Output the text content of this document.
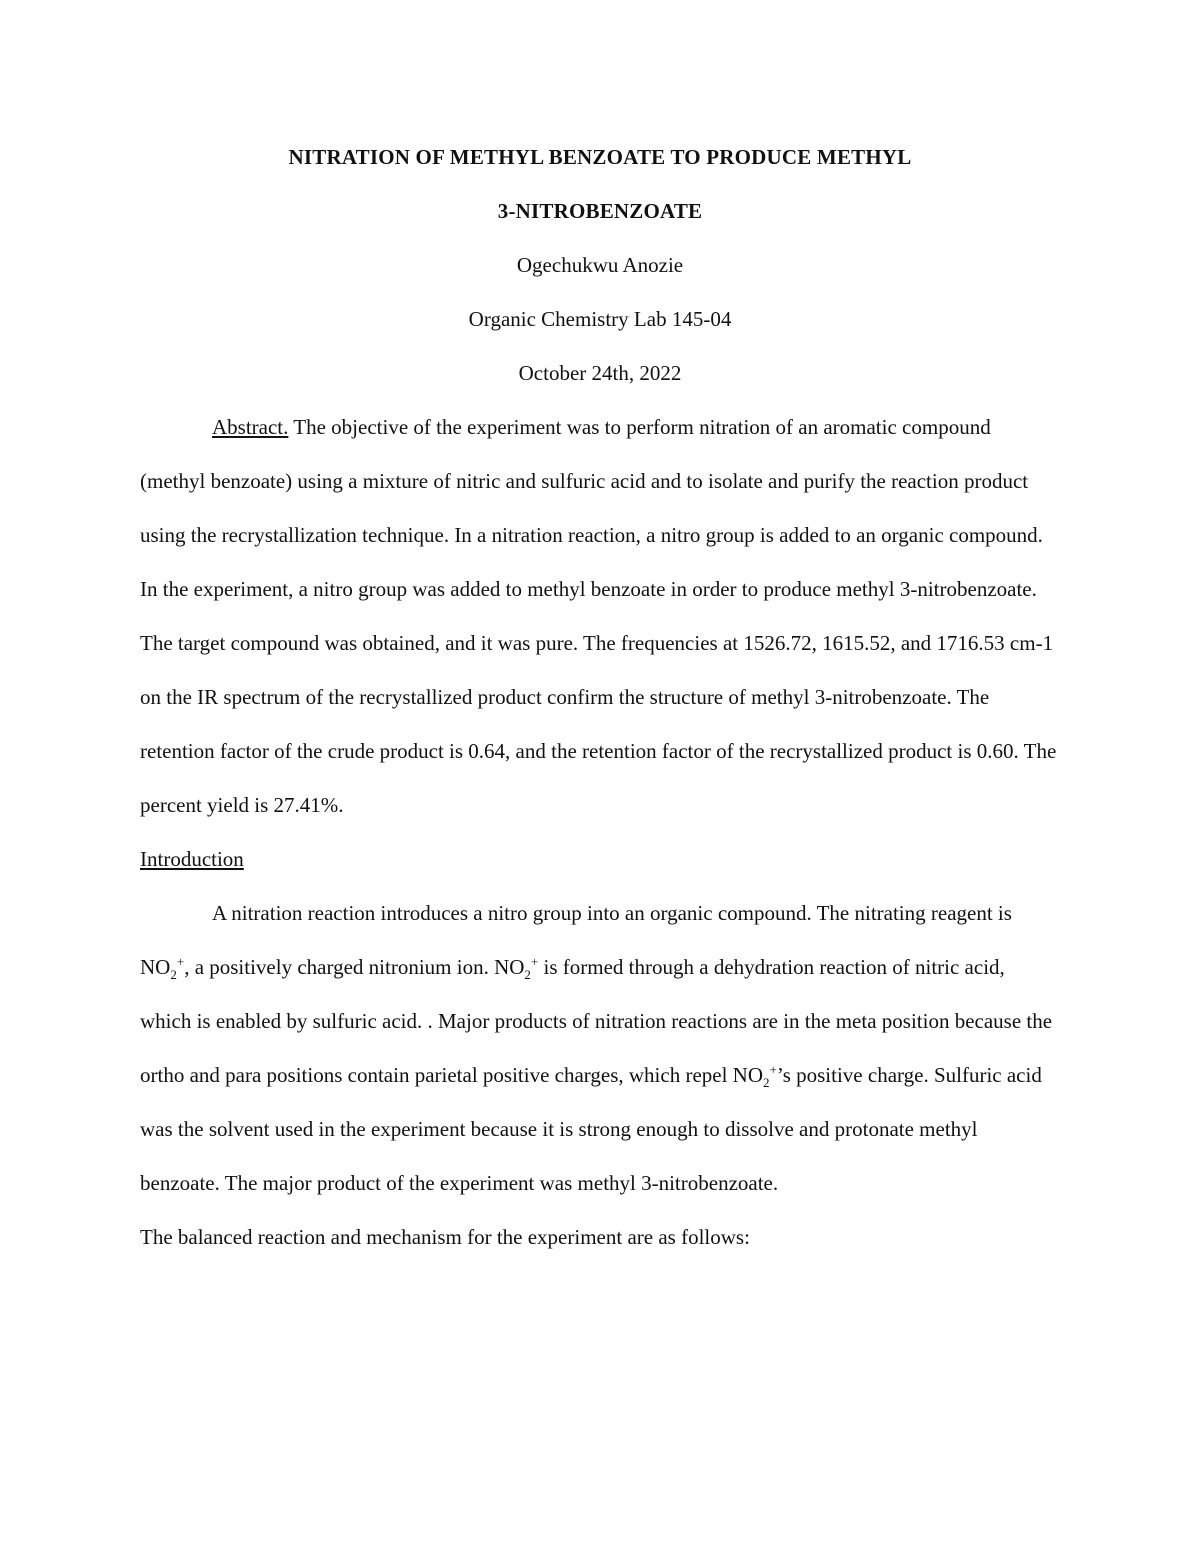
NITRATION OF METHYL BENZOATE TO PRODUCE METHYL

3-NITROBENZOATE

Ogechukwu Anozie

Organic Chemistry Lab 145-04

October 24th, 2022

Abstract. The objective of the experiment was to perform nitration of an aromatic compound (methyl benzoate) using a mixture of nitric and sulfuric acid and to isolate and purify the reaction product using the recrystallization technique. In a nitration reaction, a nitro group is added to an organic compound. In the experiment, a nitro group was added to methyl benzoate in order to produce methyl 3-nitrobenzoate. The target compound was obtained, and it was pure. The frequencies at 1526.72, 1615.52, and 1716.53 cm-1 on the IR spectrum of the recrystallized product confirm the structure of methyl 3-nitrobenzoate. The retention factor of the crude product is 0.64, and the retention factor of the recrystallized product is 0.60. The percent yield is 27.41%.

Introduction

A nitration reaction introduces a nitro group into an organic compound. The nitrating reagent is $NO_2^+$, a positively charged nitronium ion. $NO_2^+$ is formed through a dehydration reaction of nitric acid, which is enabled by sulfuric acid. . Major products of nitration reactions are in the meta position because the ortho and para positions contain parietal positive charges, which repel $NO_2^+’s$ positive charge. Sulfuric acid was the solvent used in the experiment because it is strong enough to dissolve and protonate methyl benzoate. The major product of the experiment was methyl 3-nitrobenzoate.

The balanced reaction and mechanism for the experiment are as follows:
